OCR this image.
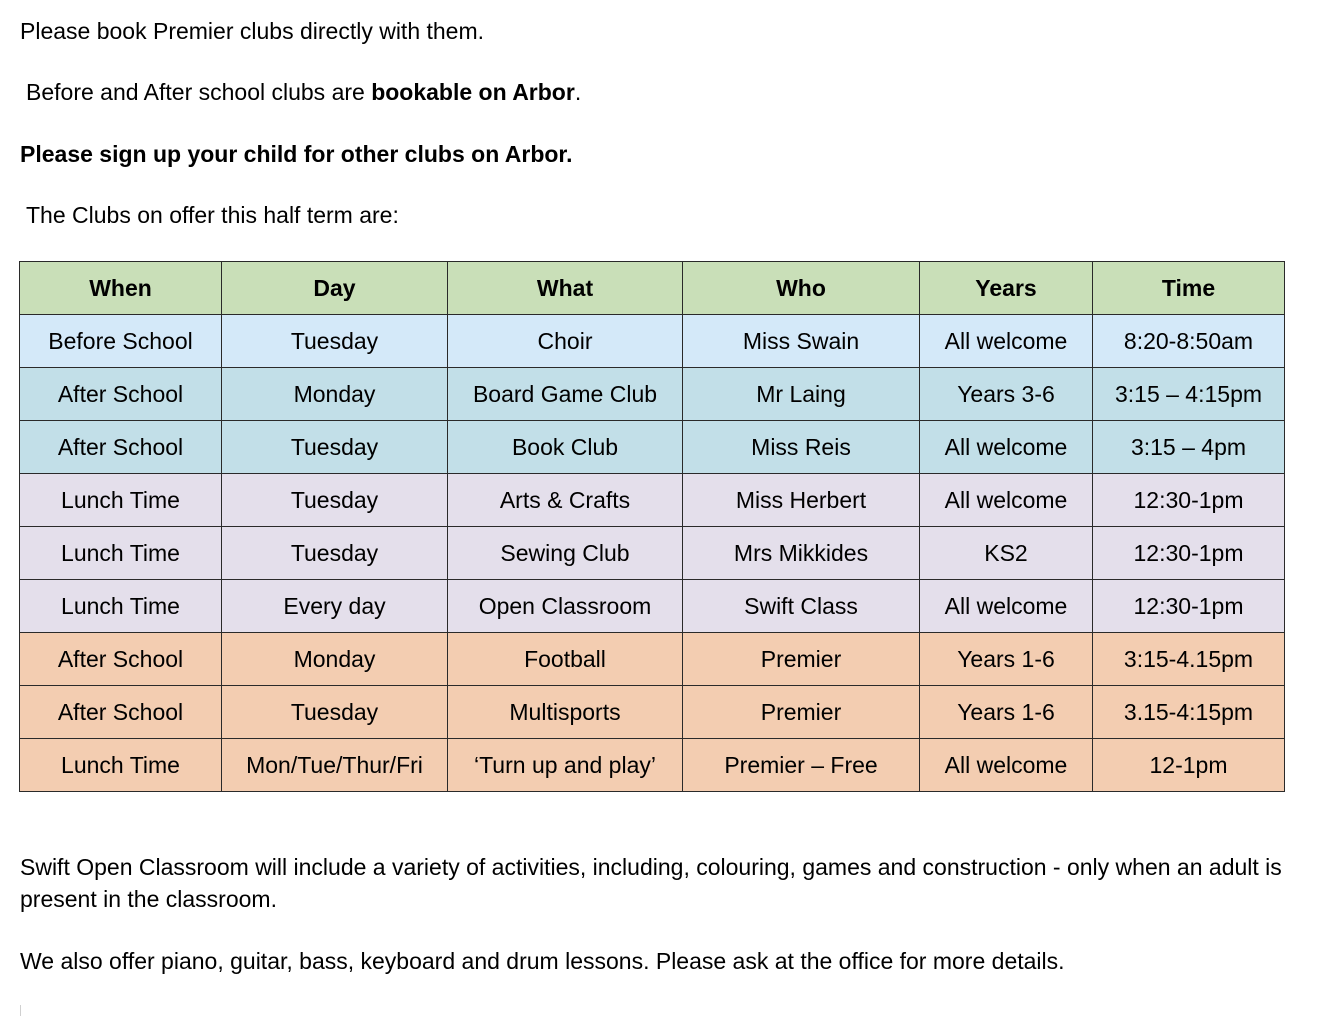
Please book Premier clubs directly with them.
Before and After school clubs are bookable on Arbor.
Please sign up your child for other clubs on Arbor.
The Clubs on offer this half term are:
When	Day	What	Who	Years	Time
Before School	Tuesday	Choir	Miss Swain	All welcome	8:20-8:50am
After School	Monday	Board Game Club	Mr Laing	Years 3-6	3:15 – 4:15pm
After School	Tuesday	Book Club	Miss Reis	All welcome	3:15 – 4pm
Lunch Time	Tuesday	Arts & Crafts	Miss Herbert	All welcome	12:30-1pm
Lunch Time	Tuesday	Sewing Club	Mrs Mikkides	KS2	12:30-1pm
Lunch Time	Every day	Open Classroom	Swift Class	All welcome	12:30-1pm
After School	Monday	Football	Premier	Years 1-6	3:15-4.15pm
After School	Tuesday	Multisports	Premier	Years 1-6	3.15-4:15pm
Lunch Time	Mon/Tue/Thur/Fri	‘Turn up and play’	Premier – Free	All welcome	12-1pm
Swift Open Classroom will include a variety of activities, including, colouring, games and construction - only when an adult is present in the classroom.
We also offer piano, guitar, bass, keyboard and drum lessons. Please ask at the office for more details.
